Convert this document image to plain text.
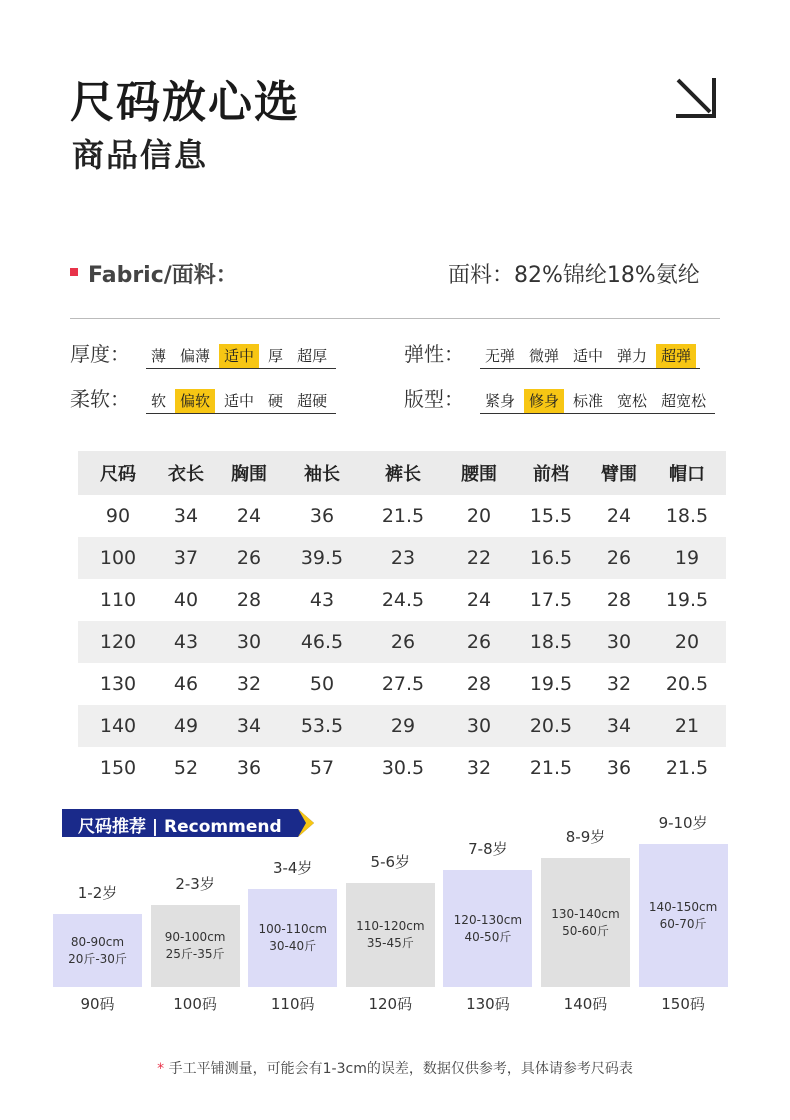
尺码放心选
商品信息
Fabric/面料：	面料：82%锦纶18%氨纶
厚度：	薄 偏薄 适中 厚 超厚	弹性：	无弹 微弹 适中 弹力 超弹
柔软：	软 偏软 适中 硬 超硬	版型：	紧身 修身 标准 宽松 超宽松
尺码	衣长	胸围	袖长	裤长	腰围	前档	臂围	帽口
90	34	24	36	21.5	20	15.5	24	18.5
100	37	26	39.5	23	22	16.5	26	19
110	40	28	43	24.5	24	17.5	28	19.5
120	43	30	46.5	26	26	18.5	30	20
130	46	32	50	27.5	28	19.5	32	20.5
140	49	34	53.5	29	30	20.5	34	21
150	52	36	57	30.5	32	21.5	36	21.5
尺码推荐 | Recommend
1-2岁
80-90cm
20斤-30斤
90码
2-3岁
90-100cm
25斤-35斤
100码
3-4岁
100-110cm
30-40斤
110码
5-6岁
110-120cm
35-45斤
120码
7-8岁
120-130cm
40-50斤
130码
8-9岁
130-140cm
50-60斤
140码
9-10岁
140-150cm
60-70斤
150码
* 手工平铺测量，可能会有1-3cm的误差，数据仅供参考，具体请参考尺码表
